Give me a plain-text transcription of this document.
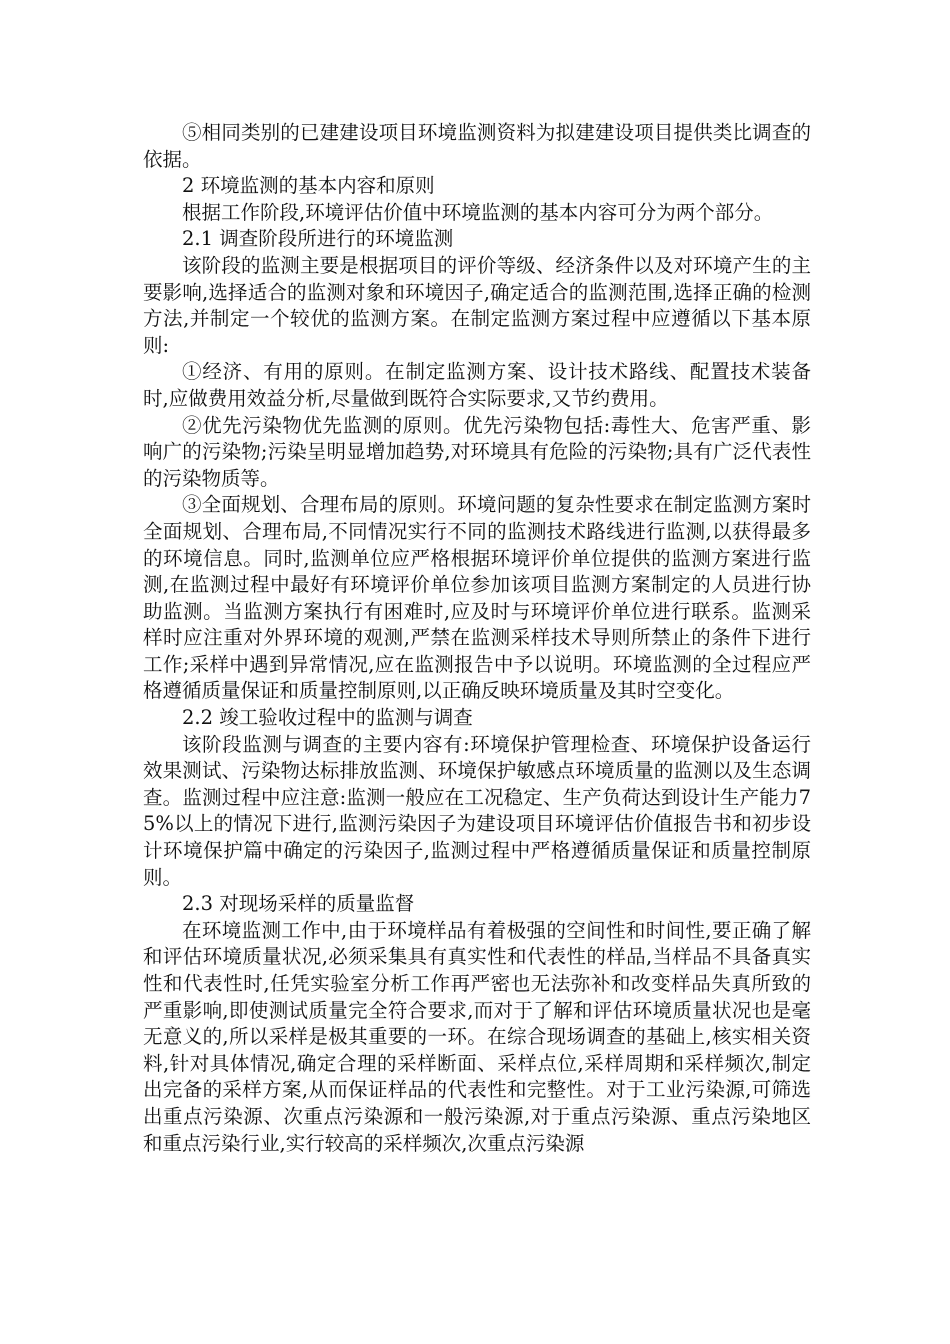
⑤相同类别的已建建设项目环境监测资料为拟建建设项目提供类比调查的依据。

2 环境监测的基本内容和原则

根据工作阶段,环境评估价值中环境监测的基本内容可分为两个部分。

2.1 调查阶段所进行的环境监测

该阶段的监测主要是根据项目的评价等级、经济条件以及对环境产生的主要影响,选择适合的监测对象和环境因子,确定适合的监测范围,选择正确的检测方法,并制定一个较优的监测方案。在制定监测方案过程中应遵循以下基本原则:

①经济、有用的原则。在制定监测方案、设计技术路线、配置技术装备时,应做费用效益分析,尽量做到既符合实际要求,又节约费用。

②优先污染物优先监测的原则。优先污染物包括:毒性大、危害严重、影响广的污染物;污染呈明显增加趋势,对环境具有危险的污染物;具有广泛代表性的污染物质等。

③全面规划、合理布局的原则。环境问题的复杂性要求在制定监测方案时全面规划、合理布局,不同情况实行不同的监测技术路线进行监测,以获得最多的环境信息。同时,监测单位应严格根据环境评价单位提供的监测方案进行监测,在监测过程中最好有环境评价单位参加该项目监测方案制定的人员进行协助监测。当监测方案执行有困难时,应及时与环境评价单位进行联系。监测采样时应注重对外界环境的观测,严禁在监测采样技术导则所禁止的条件下进行工作;采样中遇到异常情况,应在监测报告中予以说明。环境监测的全过程应严格遵循质量保证和质量控制原则,以正确反映环境质量及其时空变化。

2.2 竣工验收过程中的监测与调查

该阶段监测与调查的主要内容有:环境保护管理检查、环境保护设备运行效果测试、污染物达标排放监测、环境保护敏感点环境质量的监测以及生态调查。监测过程中应注意:监测一般应在工况稳定、生产负荷达到设计生产能力75%以上的情况下进行,监测污染因子为建设项目环境评估价值报告书和初步设计环境保护篇中确定的污染因子,监测过程中严格遵循质量保证和质量控制原则。

2.3 对现场采样的质量监督

在环境监测工作中,由于环境样品有着极强的空间性和时间性,要正确了解和评估环境质量状况,必须采集具有真实性和代表性的样品,当样品不具备真实性和代表性时,任凭实验室分析工作再严密也无法弥补和改变样品失真所致的严重影响,即使测试质量完全符合要求,而对于了解和评估环境质量状况也是毫无意义的,所以采样是极其重要的一环。在综合现场调查的基础上,核实相关资料,针对具体情况,确定合理的采样断面、采样点位,采样周期和采样频次,制定出完备的采样方案,从而保证样品的代表性和完整性。对于工业污染源,可筛选出重点污染源、次重点污染源和一般污染源,对于重点污染源、重点污染地区和重点污染行业,实行较高的采样频次,次重点污染源
